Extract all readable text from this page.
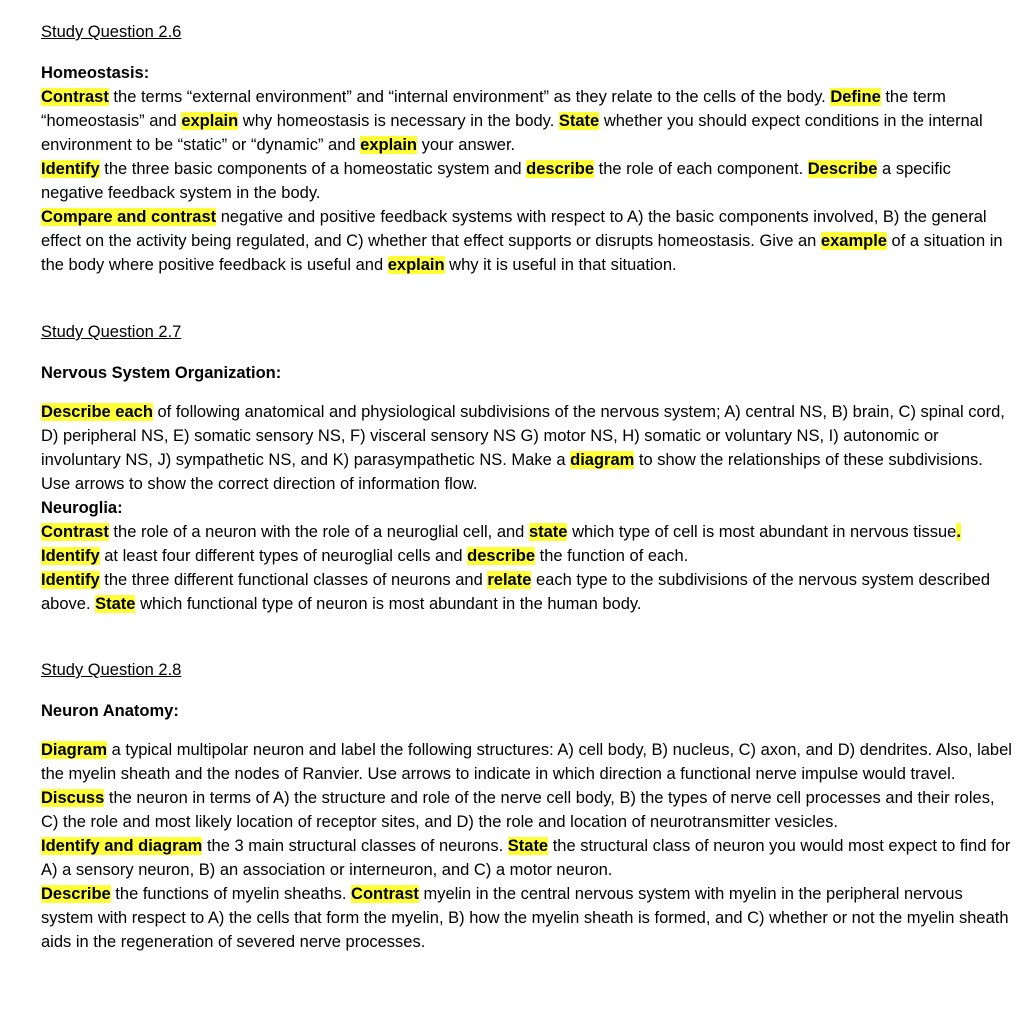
Study Question 2.6

Homeostasis:

Contrast the terms “external environment” and “internal environment” as they relate to the cells of the body. Define the term “homeostasis” and explain why homeostasis is necessary in the body. State whether you should expect conditions in the internal environment to be “static” or “dynamic” and explain your answer.

Identify the three basic components of a homeostatic system and describe the role of each component. Describe a specific negative feedback system in the body.

Compare and contrast negative and positive feedback systems with respect to A) the basic components involved, B) the general effect on the activity being regulated, and C) whether that effect supports or disrupts homeostasis. Give an example of a situation in the body where positive feedback is useful and explain why it is useful in that situation.

Study Question 2.7

Nervous System Organization:

Describe each of following anatomical and physiological subdivisions of the nervous system; A) central NS, B) brain, C) spinal cord, D) peripheral NS, E) somatic sensory NS, F) visceral sensory NS G) motor NS, H) somatic or voluntary NS, I) autonomic or involuntary NS, J) sympathetic NS, and K) parasympathetic NS. Make a diagram to show the relationships of these subdivisions. Use arrows to show the correct direction of information flow.

Neuroglia:

Contrast the role of a neuron with the role of a neuroglial cell, and state which type of cell is most abundant in nervous tissue. Identify at least four different types of neuroglial cells and describe the function of each.

Identify the three different functional classes of neurons and relate each type to the subdivisions of the nervous system described above. State which functional type of neuron is most abundant in the human body.

Study Question 2.8

Neuron Anatomy:

Diagram a typical multipolar neuron and label the following structures: A) cell body, B) nucleus, C) axon, and D) dendrites. Also, label the myelin sheath and the nodes of Ranvier. Use arrows to indicate in which direction a functional nerve impulse would travel.

Discuss the neuron in terms of A) the structure and role of the nerve cell body, B) the types of nerve cell processes and their roles, C) the role and most likely location of receptor sites, and D) the role and location of neurotransmitter vesicles.

Identify and diagram the 3 main structural classes of neurons. State the structural class of neuron you would most expect to find for A) a sensory neuron, B) an association or interneuron, and C) a motor neuron.

Describe the functions of myelin sheaths. Contrast myelin in the central nervous system with myelin in the peripheral nervous system with respect to A) the cells that form the myelin, B) how the myelin sheath is formed, and C) whether or not the myelin sheath aids in the regeneration of severed nerve processes.
